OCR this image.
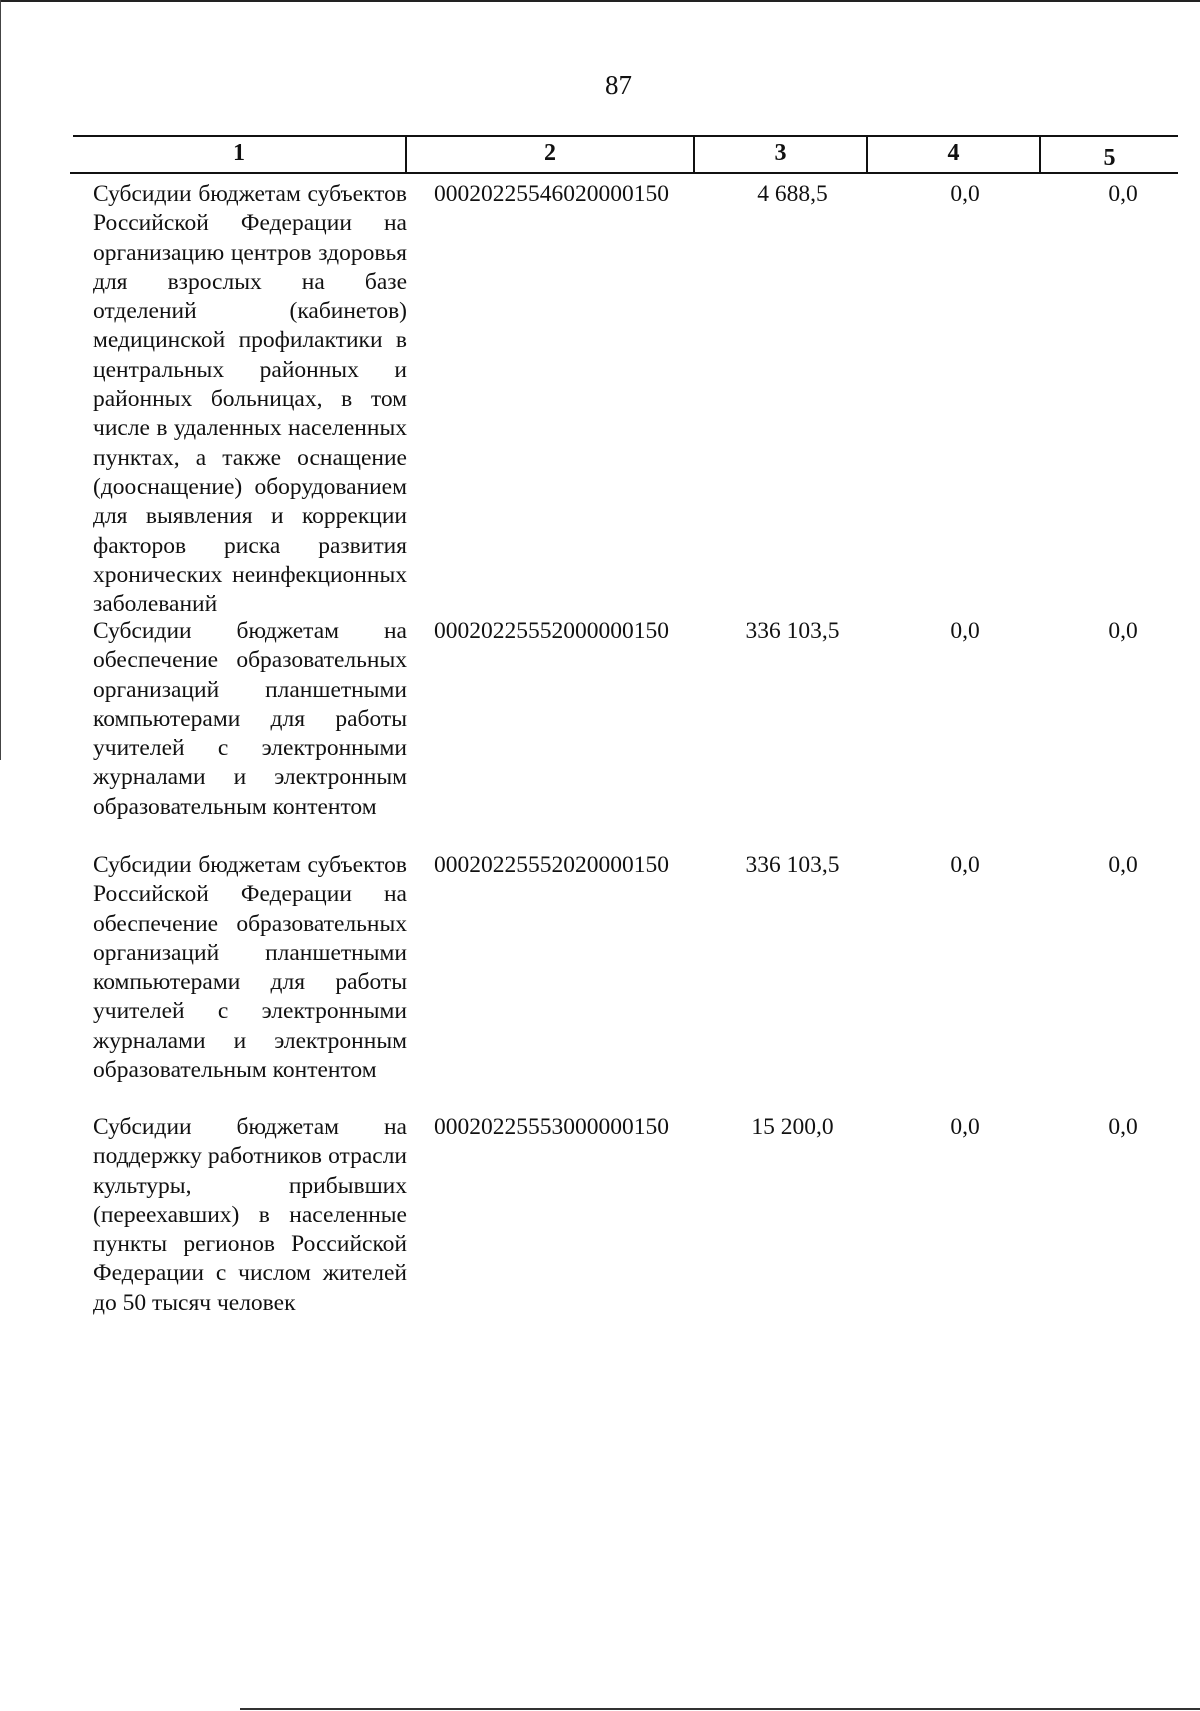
87
1	2	3	4	5
Субсидии бюджетам субъектов Российской Федерации на организацию центров здоровья для взрослых на базе отделений (кабинетов) медицинской профилактики в центральных районных и районных больницах, в том числе в удаленных населенных пунктах, а также оснащение (дооснащение) оборудованием для выявления и коррекции факторов риска развития хронических неинфекционных заболеваний
00020225546020000150	4 688,5	0,0	0,0
Субсидии бюджетам на обеспечение образовательных организаций планшетными компьютерами для работы учителей с электронными журналами и электронным образовательным контентом
00020225552000000150	336 103,5	0,0	0,0
Субсидии бюджетам субъектов Российской Федерации на обеспечение образовательных организаций планшетными компьютерами для работы учителей с электронными журналами и электронным образовательным контентом
00020225552020000150	336 103,5	0,0	0,0
Субсидии бюджетам на поддержку работников отрасли культуры, прибывших (переехавших) в населенные пункты регионов Российской Федерации с числом жителей до 50 тысяч человек
00020225553000000150	15 200,0	0,0	0,0
